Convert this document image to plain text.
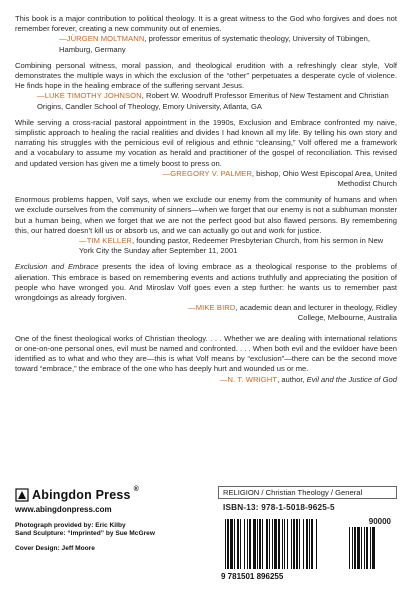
This book is a major contribution to political theology. It is a great witness to the God who forgives and does not remember forever, creating a new community out of enemies.

—JÜRGEN MOLTMANN, professor emeritus of systematic theology, University of Tübingen, Hamburg, Germany

Combining personal witness, moral passion, and theological erudition with a refreshingly clear style, Volf demonstrates the multiple ways in which the exclusion of the “other” perpetuates a desperate cycle of violence. He finds hope in the healing embrace of the suffering servant Jesus.

—LUKE TIMOTHY JOHNSON, Robert W. Woodruff Professor Emeritus of New Testament and Christian Origins, Candler School of Theology, Emory University, Atlanta, GA

While serving a cross-racial pastoral appointment in the 1990s, Exclusion and Embrace confronted my naive, simplistic approach to healing the racial realities and divides I had known all my life. By telling his own story and narrating his struggles with the pernicious evil of religious and ethnic “cleansing,” Volf offered me a framework and a vocabulary to assume my vocation as herald and practitioner of the gospel of reconciliation. This revised and updated version has given me a timely boost to press on.

—GREGORY V. PALMER, bishop, Ohio West Episcopal Area, United Methodist Church

Enormous problems happen, Volf says, when we exclude our enemy from the community of humans and when we exclude ourselves from the community of sinners—when we forget that our enemy is not a subhuman monster but a human being, when we forget that we are not the perfect good but also flawed persons. By remembering this, our hatred doesn’t kill us or absorb us, and we can actually go out and work for justice.

—TIM KELLER, founding pastor, Redeemer Presbyterian Church, from his sermon in New York City the Sunday after September 11, 2001

Exclusion and Embrace presents the idea of loving embrace as a theological response to the problems of alienation. This embrace is based on remembering events and actions truthfully and appreciating the position of people who have wronged you. And Miroslav Volf goes even a step further: he wants us to remember past wrongdoings as already forgiven.

—MIKE BIRD, academic dean and lecturer in theology, Ridley College, Melbourne, Australia

One of the finest theological works of Christian theology. . . . Whether we are dealing with international relations or one-on-one personal ones, evil must be named and confronted. . . . When both evil and the evildoer have been identified as to what and who they are—this is what Volf means by “exclusion”—there can be the second move toward “embrace,” the embrace of the one who has deeply hurt and wounded us or me.

—N. T. WRIGHT, author, Evil and the Justice of God

Abingdon Press ®
www.abingdonpress.com
Photograph provided by: Eric Kilby
Sand Sculpture: “Imprinted” by Sue McGrew
Cover Design: Jeff Moore
RELIGION / Christian Theology / General
ISBN-13: 978-1-5018-9625-5
9 781501 896255
90000
